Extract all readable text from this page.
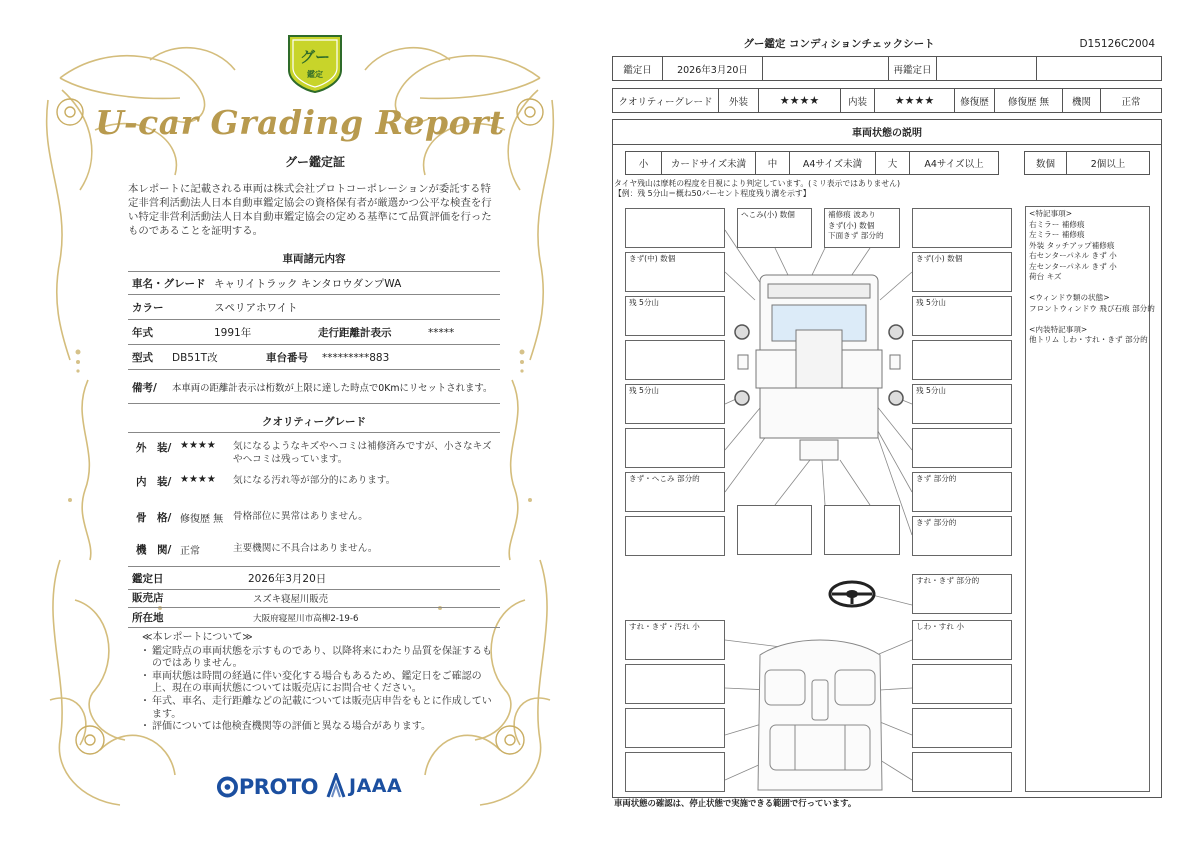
グー
鑑定
U-car Grading Report
グー鑑定証
本レポートに記載される車両は株式会社プロトコーポレーションが委託する特定非営利活動法人日本自動車鑑定協会の資格保有者が厳選かつ公平な検査を行い特定非営利活動法人日本自動車鑑定協会の定める基準にて品質評価を行ったものであることを証明する。
車両諸元内容
車名・グレード キャリイトラック キンタロウダンプWA
カラー	スペリアホワイト
年式	1991年	走行距離計表示	*****
型式	DB51T改	車台番号	*********883
備考/	本車両の距離計表示は桁数が上限に達した時点で0Kmにリセットされます。
クオリティーグレード
外　装/ ★★★★	気になるようなキズやヘコミは補修済みですが、小さなキズやヘコミは残っています。
内　装/ ★★★★	気になる汚れ等が部分的にあります。
骨　格/ 修復歴 無	骨格部位に異常はありません。
機　関/ 正常	主要機関に不具合はありません。
鑑定日	2026年3月20日
販売店	スズキ寝屋川販売
所在地	大阪府寝屋川市高柳2-19-6
≪本レポートについて≫
・ 鑑定時点の車両状態を示すものであり、以降将来にわたり品質を保証するものではありません。
・ 車両状態は時間の経過に伴い変化する場合もあるため、鑑定日をご確認の上、現在の車両状態については販売店にお問合せください。
・ 年式、車名、走行距離などの記載については販売店申告をもとに作成しています。
・ 評価については他検査機関等の評価と異なる場合があります。
PROTO JAAA
グー鑑定 コンディションチェックシート	D15126C2004
鑑定日	2026年3月20日	再鑑定日
クオリティーグレード	外装	★★★★	内装	★★★★	修復歴	修復歴 無	機関	正常
車両状態の説明
小	カードサイズ未満	中	A4サイズ未満	大	A4サイズ以上	数個	2個以上
タイヤ残山は摩耗の程度を目視により判定しています。(ミリ表示ではありません)
【例：残 5分山＝概ね50パーセント程度残り溝を示す】
きず(中) 数個
残 5分山
残 5分山
きず・へこみ 部分的
へこみ(小) 数個	補修痕 波あり
きず(小) 数個
下面きず 部分的
きず(小) 数個
残 5分山
残 5分山
きず 部分的
きず 部分的
すれ・きず 部分的
すれ・きず・汚れ 小	しわ・すれ 小
<特記事項>
右ミラー 補修痕
左ミラー 補修痕
外装 タッチアップ補修痕
右センターパネル きず 小
左センターパネル きず 小
荷台 キズ
<ウィンドウ類の状態>
フロントウィンドウ 飛び石痕 部分的
<内装特記事項>
他トリム しわ・すれ・きず 部分的
車両状態の確認は、停止状態で実施できる範囲で行っています。
